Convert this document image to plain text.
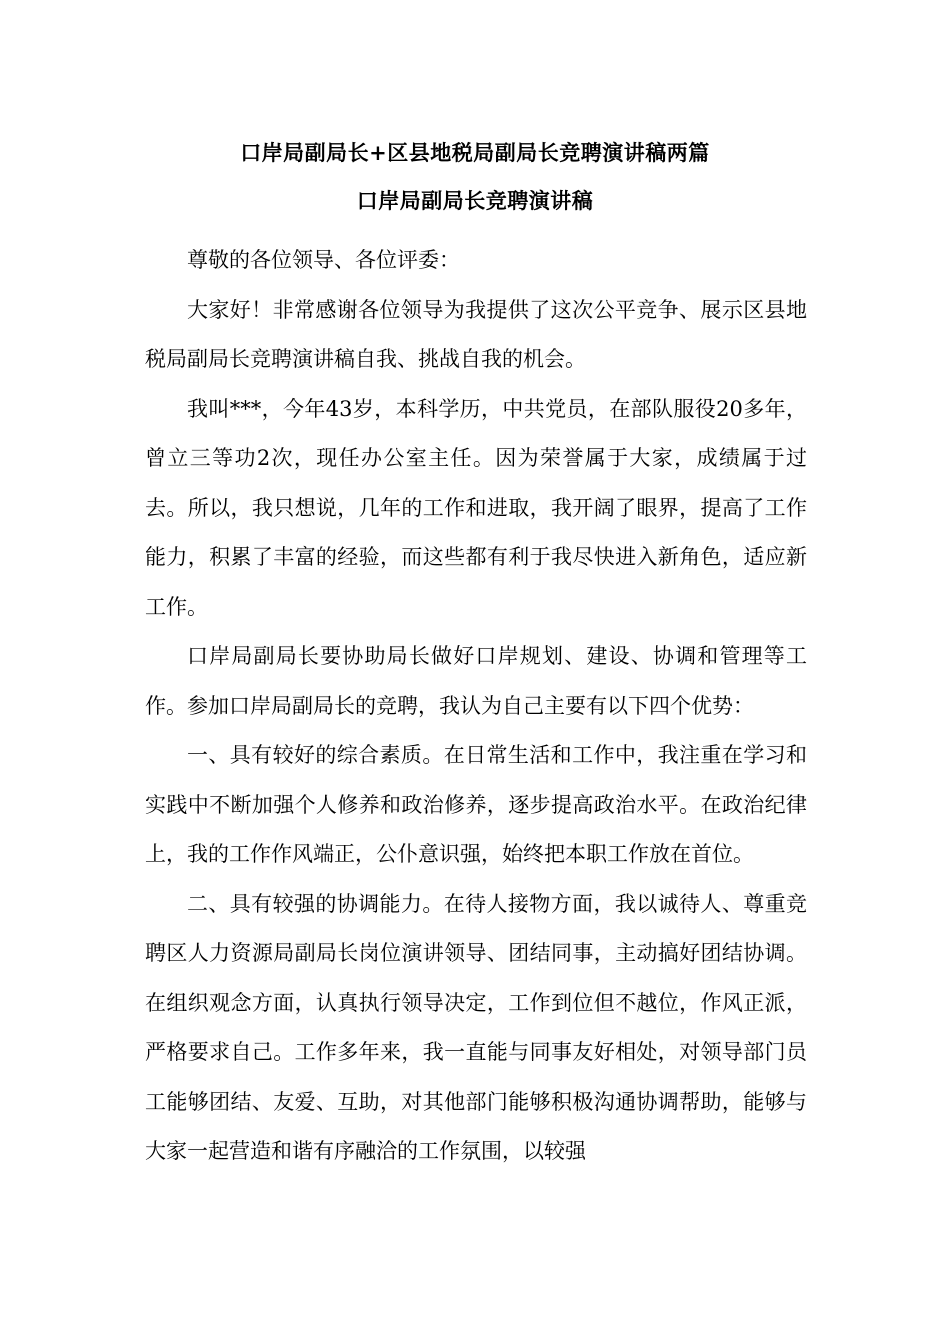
口岸局副局长+区县地税局副局长竞聘演讲稿两篇
口岸局副局长竞聘演讲稿

尊敬的各位领导、各位评委：

大家好！非常感谢各位领导为我提供了这次公平竞争、展示区县地税局副局长竞聘演讲稿自我、挑战自我的机会。

我叫***，今年43岁，本科学历，中共党员，在部队服役20多年，曾立三等功2次，现任办公室主任。因为荣誉属于大家，成绩属于过去。所以，我只想说，几年的工作和进取，我开阔了眼界，提高了工作能力，积累了丰富的经验，而这些都有利于我尽快进入新角色，适应新工作。

口岸局副局长要协助局长做好口岸规划、建设、协调和管理等工作。参加口岸局副局长的竞聘，我认为自己主要有以下四个优势：

一、具有较好的综合素质。在日常生活和工作中，我注重在学习和实践中不断加强个人修养和政治修养，逐步提高政治水平。在政治纪律上，我的工作作风端正，公仆意识强，始终把本职工作放在首位。

二、具有较强的协调能力。在待人接物方面，我以诚待人、尊重竞聘区人力资源局副局长岗位演讲领导、团结同事，主动搞好团结协调。在组织观念方面，认真执行领导决定，工作到位但不越位，作风正派，严格要求自己。工作多年来，我一直能与同事友好相处，对领导部门员工能够团结、友爱、互助，对其他部门能够积极沟通协调帮助，能够与大家一起营造和谐有序融洽的工作氛围，以较强
